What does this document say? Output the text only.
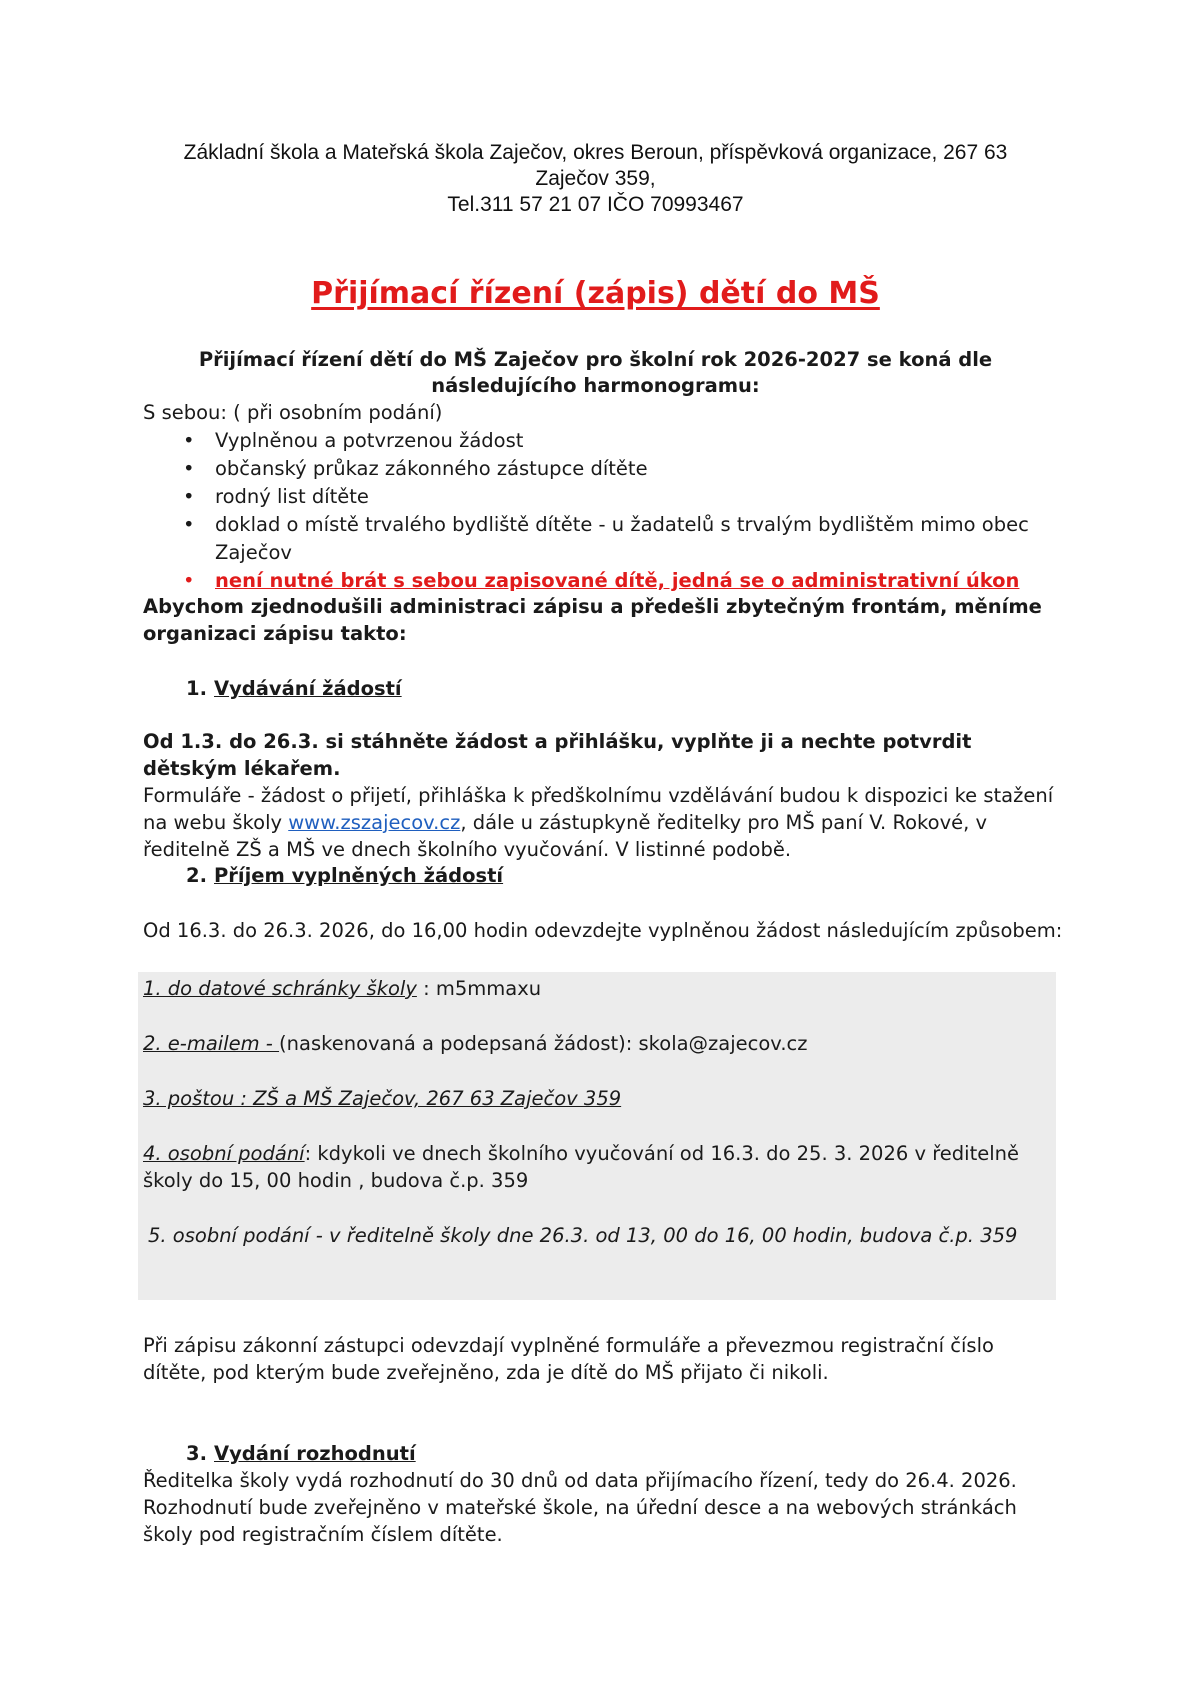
Základní škola a Mateřská škola Zaječov, okres Beroun, příspěvková organizace, 267 63
Zaječov 359,
Tel.311 57 21 07 IČO 70993467
Přijímací řízení (zápis) dětí do MŠ
Přijímací řízení dětí do MŠ Zaječov pro školní rok 2026-2027 se koná dle následujícího harmonogramu:
S sebou: ( při osobním podání)
• Vyplněnou a potvrzenou žádost
• občanský průkaz zákonného zástupce dítěte
• rodný list dítěte
• doklad o místě trvalého bydliště dítěte - u žadatelů s trvalým bydlištěm mimo obec Zaječov
• není nutné brát s sebou zapisované dítě, jedná se o administrativní úkon
Abychom zjednodušili administraci zápisu a předešli zbytečným frontám, měníme organizaci zápisu takto:
1. Vydávání žádostí
Od 1.3. do 26.3. si stáhněte žádost a přihlášku, vyplňte ji a nechte potvrdit dětským lékařem.
Formuláře - žádost o přijetí, přihláška k předškolnímu vzdělávání budou k dispozici ke stažení na webu školy www.zszajecov.cz, dále u zástupkyně ředitelky pro MŠ paní V. Rokové, v ředitelně ZŠ a MŠ ve dnech školního vyučování. V listinné podobě.
2. Příjem vyplněných žádostí
Od 16.3. do 26.3. 2026, do 16,00 hodin odevzdejte vyplněnou žádost následujícím způsobem:
1. do datové schránky školy : m5mmaxu
2. e-mailem - (naskenovaná a podepsaná žádost): skola@zajecov.cz
3. poštou : ZŠ a MŠ Zaječov, 267 63 Zaječov 359
4. osobní podání: kdykoli ve dnech školního vyučování od 16.3. do 25. 3. 2026 v ředitelně školy do 15, 00 hodin , budova č.p. 359
5. osobní podání - v ředitelně školy dne 26.3. od 13, 00 do 16, 00 hodin, budova č.p. 359
Při zápisu zákonní zástupci odevzdají vyplněné formuláře a převezmou registrační číslo dítěte, pod kterým bude zveřejněno, zda je dítě do MŠ přijato či nikoli.
3. Vydání rozhodnutí
Ředitelka školy vydá rozhodnutí do 30 dnů od data přijímacího řízení, tedy do 26.4. 2026. Rozhodnutí bude zveřejněno v mateřské škole, na úřední desce a na webových stránkách školy pod registračním číslem dítěte.
